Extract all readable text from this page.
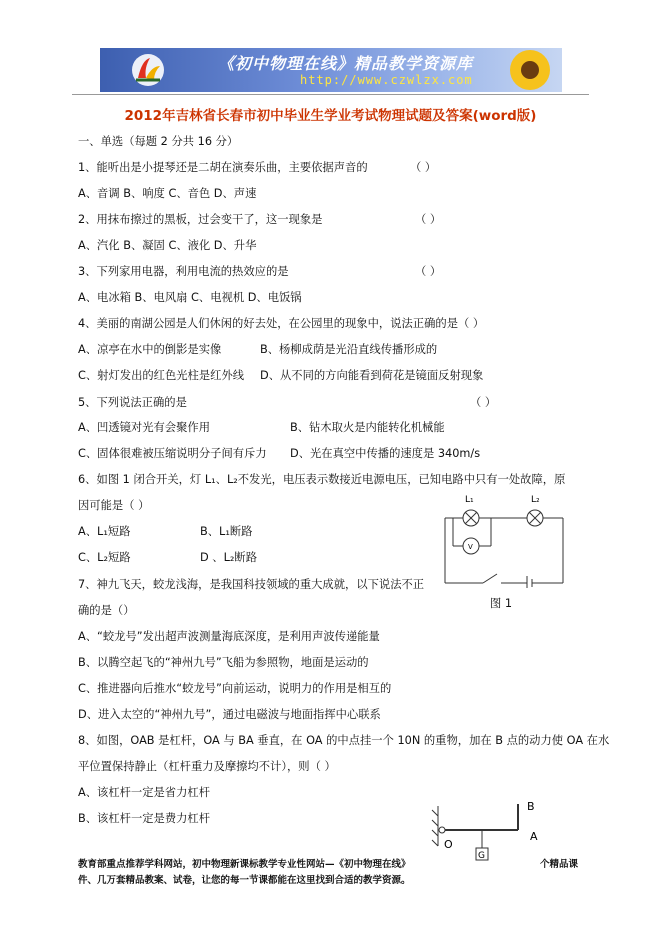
《初中物理在线》精品教学资源库
http://www.czwlzx.com
2012年吉林省长春市初中毕业生学业考试物理试题及答案(word版)
一、单选（每题 2 分共 16 分）
1、能听出是小提琴还是二胡在演奏乐曲，主要依据声音的	（ ）
A、音调 B、响度 C、音色 D、声速
2、用抹布擦过的黑板，过会变干了，这一现象是	（ ）
A、汽化 B、凝固 C、液化 D、升华
3、下列家用电器，利用电流的热效应的是	（ ）
A、电冰箱 B、电风扇 C、电视机 D、电饭锅
4、美丽的南湖公园是人们休闲的好去处，在公园里的现象中，说法正确的是（ ）
A、凉亭在水中的倒影是实像	B、杨柳成荫是光沿直线传播形成的
C、射灯发出的红色光柱是红外线 D、从不同的方向能看到荷花是镜面反射现象
5、下列说法正确的是	（ ）
A、凹透镜对光有会聚作用	B、钻木取火是内能转化机械能
C、固体很难被压缩说明分子间有斥力 D、光在真空中传播的速度是 340m/s
6、如图 1 闭合开关，灯 L₁、L₂不发光，电压表示数接近电源电压，已知电路中只有一处故障，原
因可能是（ ）
A、L₁短路	B、L₁断路
C、L₂短路	D 、L₂断路
L₁	L₂
V
图 1
7、神九飞天，蛟龙浅海，是我国科技领域的重大成就，以下说法不正
确的是（）
A、“蛟龙号”发出超声波测量海底深度，是利用声波传递能量
B、以腾空起飞的“神州九号”飞船为参照物，地面是运动的
C、推进器向后推水“蛟龙号”向前运动，说明力的作用是相互的
D、进入太空的“神州九号”，通过电磁波与地面指挥中心联系
8、如图，OAB 是杠杆，OA 与 BA 垂直，在 OA 的中点挂一个 10N 的重物，加在 B 点的动力使 OA 在水
平位置保持静止（杠杆重力及摩擦均不计），则（ ）
A、该杠杆一定是省力杠杆
B、该杠杆一定是费力杠杆
O
A
B
G
教育部重点推荐学科网站，初中物理新课标教学专业性网站—《初中物理在线》	个精品课
件、几万套精品教案、试卷，让您的每一节课都能在这里找到合适的教学资源。
